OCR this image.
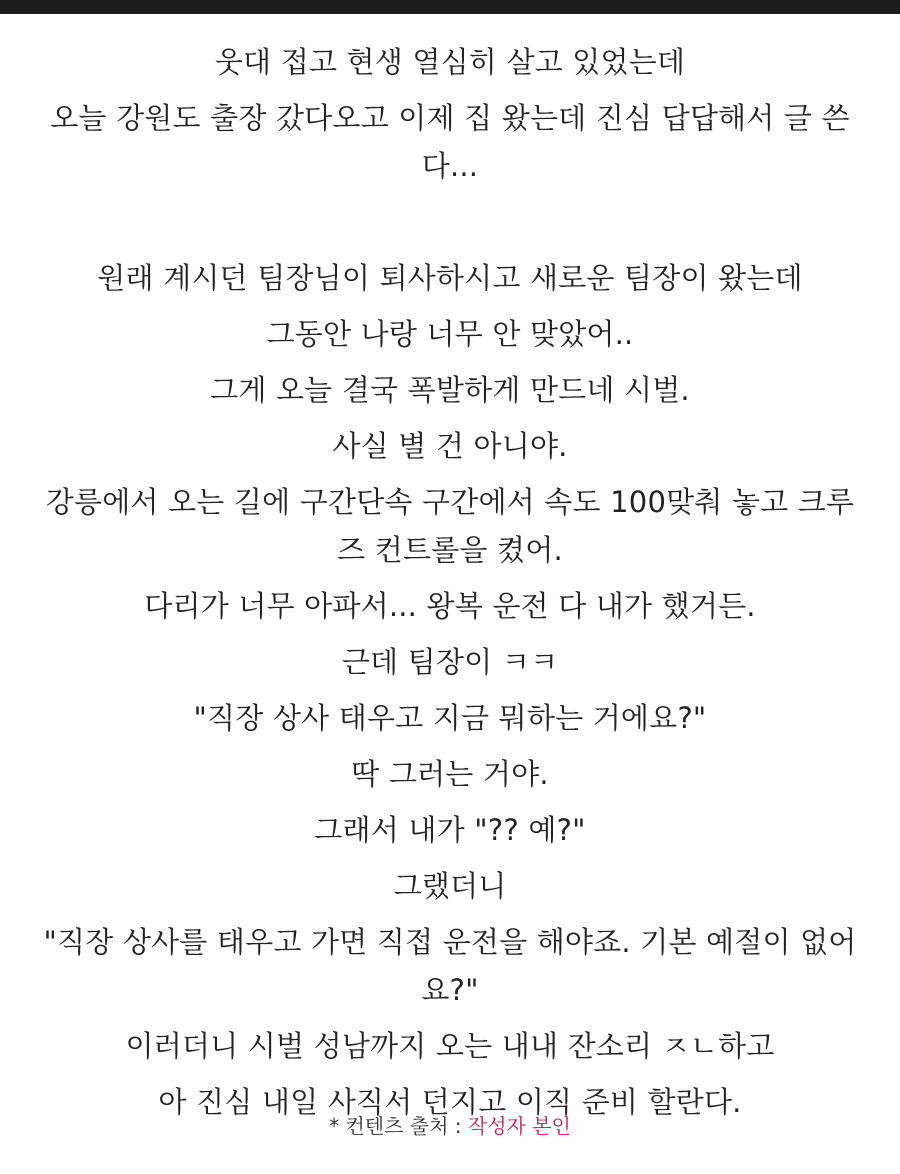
웃대 접고 현생 열심히 살고 있었는데

오늘 강원도 출장 갔다오고 이제 집 왔는데 진심 답답해서 글 쓴다...

원래 계시던 팀장님이 퇴사하시고 새로운 팀장이 왔는데

그동안 나랑 너무 안 맞았어..

그게 오늘 결국 폭발하게 만드네 시벌.

사실 별 건 아니야.

강릉에서 오는 길에 구간단속 구간에서 속도 100맞춰 놓고 크루즈 컨트롤을 켰어.

다리가 너무 아파서... 왕복 운전 다 내가 했거든.

근데 팀장이 ㅋㅋ

"직장 상사 태우고 지금 뭐하는 거에요?"

딱 그러는 거야.

그래서 내가 "?? 예?"

그랬더니

"직장 상사를 태우고 가면 직접 운전을 해야죠. 기본 예절이 없어요?"

이러더니 시벌 성남까지 오는 내내 잔소리 ㅈㄴ하고

아 진심 내일 사직서 던지고 이직 준비 할란다.

* 컨텐츠 출처 : 작성자 본인
